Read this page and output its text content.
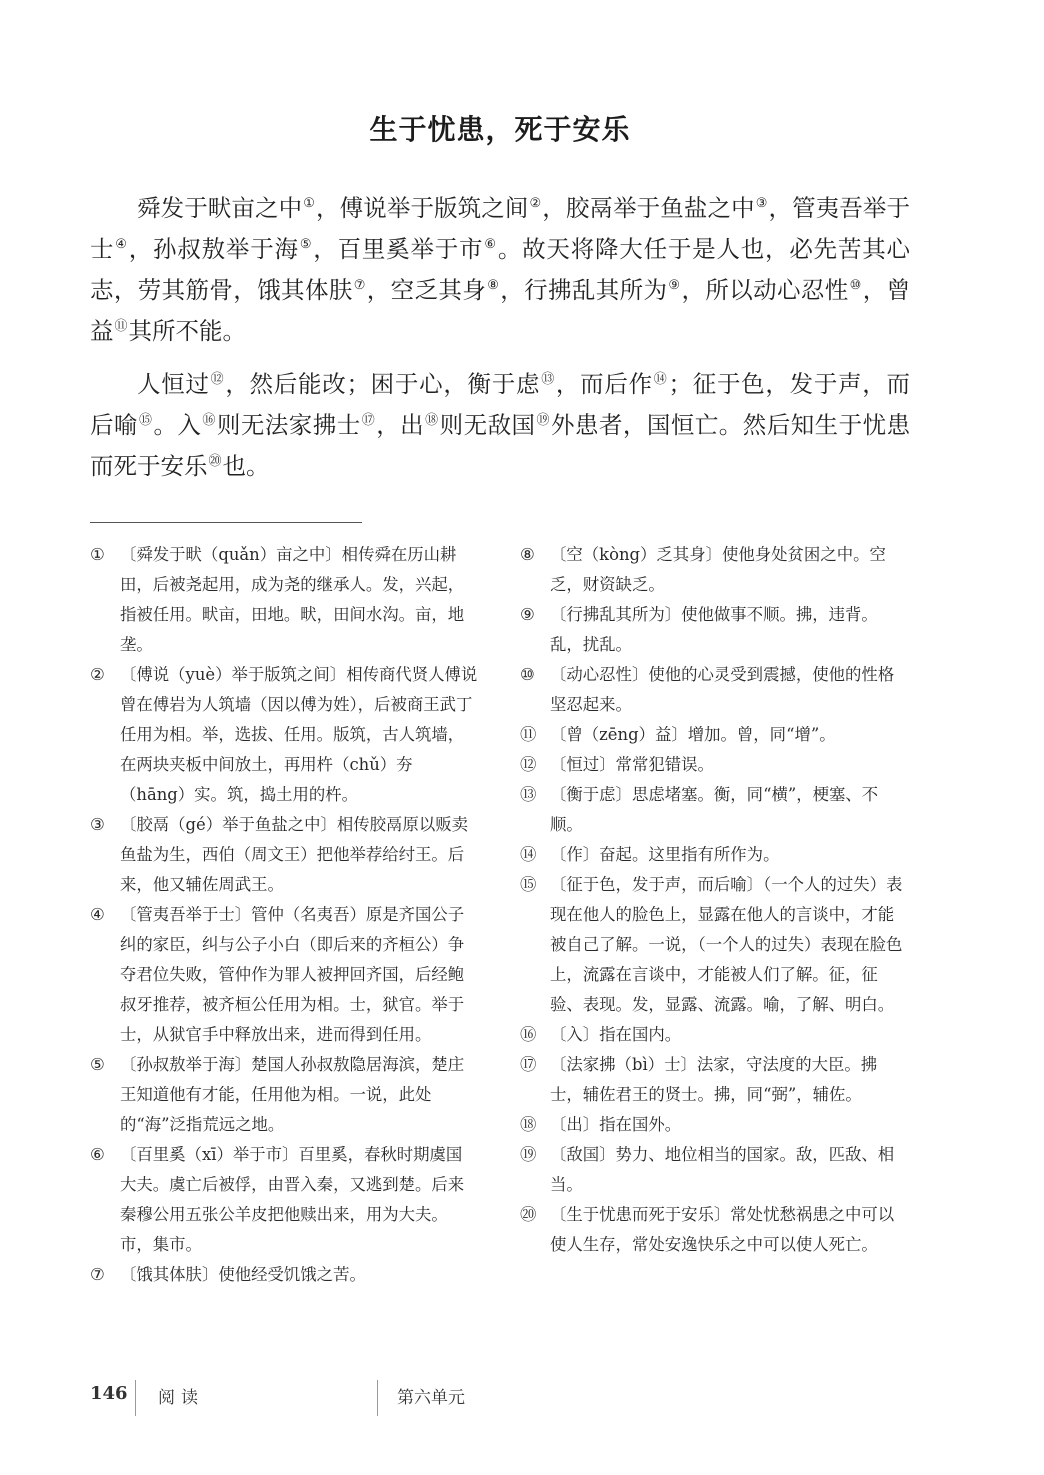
生于忧患，死于安乐

舜发于畎亩之中①，傅说举于版筑之间②，胶鬲举于鱼盐之中③，管夷吾举于士④，孙叔敖举于海⑤，百里奚举于市⑥。故天将降大任于是人也，必先苦其心志，劳其筋骨，饿其体肤⑦，空乏其身⑧，行拂乱其所为⑨，所以动心忍性⑩，曾益⑪其所不能。

人恒过⑫，然后能改；困于心，衡于虑⑬，而后作⑭；征于色，发于声，而后喻⑮。入⑯则无法家拂士⑰，出⑱则无敌国⑲外患者，国恒亡。然后知生于忧患而死于安乐⑳也。

① 〔舜发于畎（quǎn）亩之中〕相传舜在历山耕田，后被尧起用，成为尧的继承人。发，兴起，指被任用。畎亩，田地。畎，田间水沟。亩，地垄。
② 〔傅说（yuè）举于版筑之间〕相传商代贤人傅说曾在傅岩为人筑墙（因以傅为姓），后被商王武丁任用为相。举，选拔、任用。版筑，古人筑墙，在两块夹板中间放土，再用杵（chǔ）夯（hāng）实。筑，捣土用的杵。
③ 〔胶鬲（gé）举于鱼盐之中〕相传胶鬲原以贩卖鱼盐为生，西伯（周文王）把他举荐给纣王。后来，他又辅佐周武王。
④ 〔管夷吾举于士〕管仲（名夷吾）原是齐国公子纠的家臣，纠与公子小白（即后来的齐桓公）争夺君位失败，管仲作为罪人被押回齐国，后经鲍叔牙推荐，被齐桓公任用为相。士，狱官。举于士，从狱官手中释放出来，进而得到任用。
⑤ 〔孙叔敖举于海〕楚国人孙叔敖隐居海滨，楚庄王知道他有才能，任用他为相。一说，此处的“海”泛指荒远之地。
⑥ 〔百里奚（xī）举于市〕百里奚，春秋时期虞国大夫。虞亡后被俘，由晋入秦，又逃到楚。后来秦穆公用五张公羊皮把他赎出来，用为大夫。市，集市。
⑦ 〔饿其体肤〕使他经受饥饿之苦。
⑧ 〔空（kòng）乏其身〕使他身处贫困之中。空乏，财资缺乏。
⑨ 〔行拂乱其所为〕使他做事不顺。拂，违背。乱，扰乱。
⑩ 〔动心忍性〕使他的心灵受到震撼，使他的性格坚忍起来。
⑪ 〔曾（zēng）益〕增加。曾，同“增”。
⑫ 〔恒过〕常常犯错误。
⑬ 〔衡于虑〕思虑堵塞。衡，同“横”，梗塞、不顺。
⑭ 〔作〕奋起。这里指有所作为。
⑮ 〔征于色，发于声，而后喻〕（一个人的过失）表现在他人的脸色上，显露在他人的言谈中，才能被自己了解。一说，（一个人的过失）表现在脸色上，流露在言谈中，才能被人们了解。征，征验、表现。发，显露、流露。喻，了解、明白。
⑯ 〔入〕指在国内。
⑰ 〔法家拂（bì）士〕法家，守法度的大臣。拂士，辅佐君王的贤士。拂，同“弼”，辅佐。
⑱ 〔出〕指在国外。
⑲ 〔敌国〕势力、地位相当的国家。敌，匹敌、相当。
⑳ 〔生于忧患而死于安乐〕常处忧愁祸患之中可以使人生存，常处安逸快乐之中可以使人死亡。
146 阅读	第六单元
